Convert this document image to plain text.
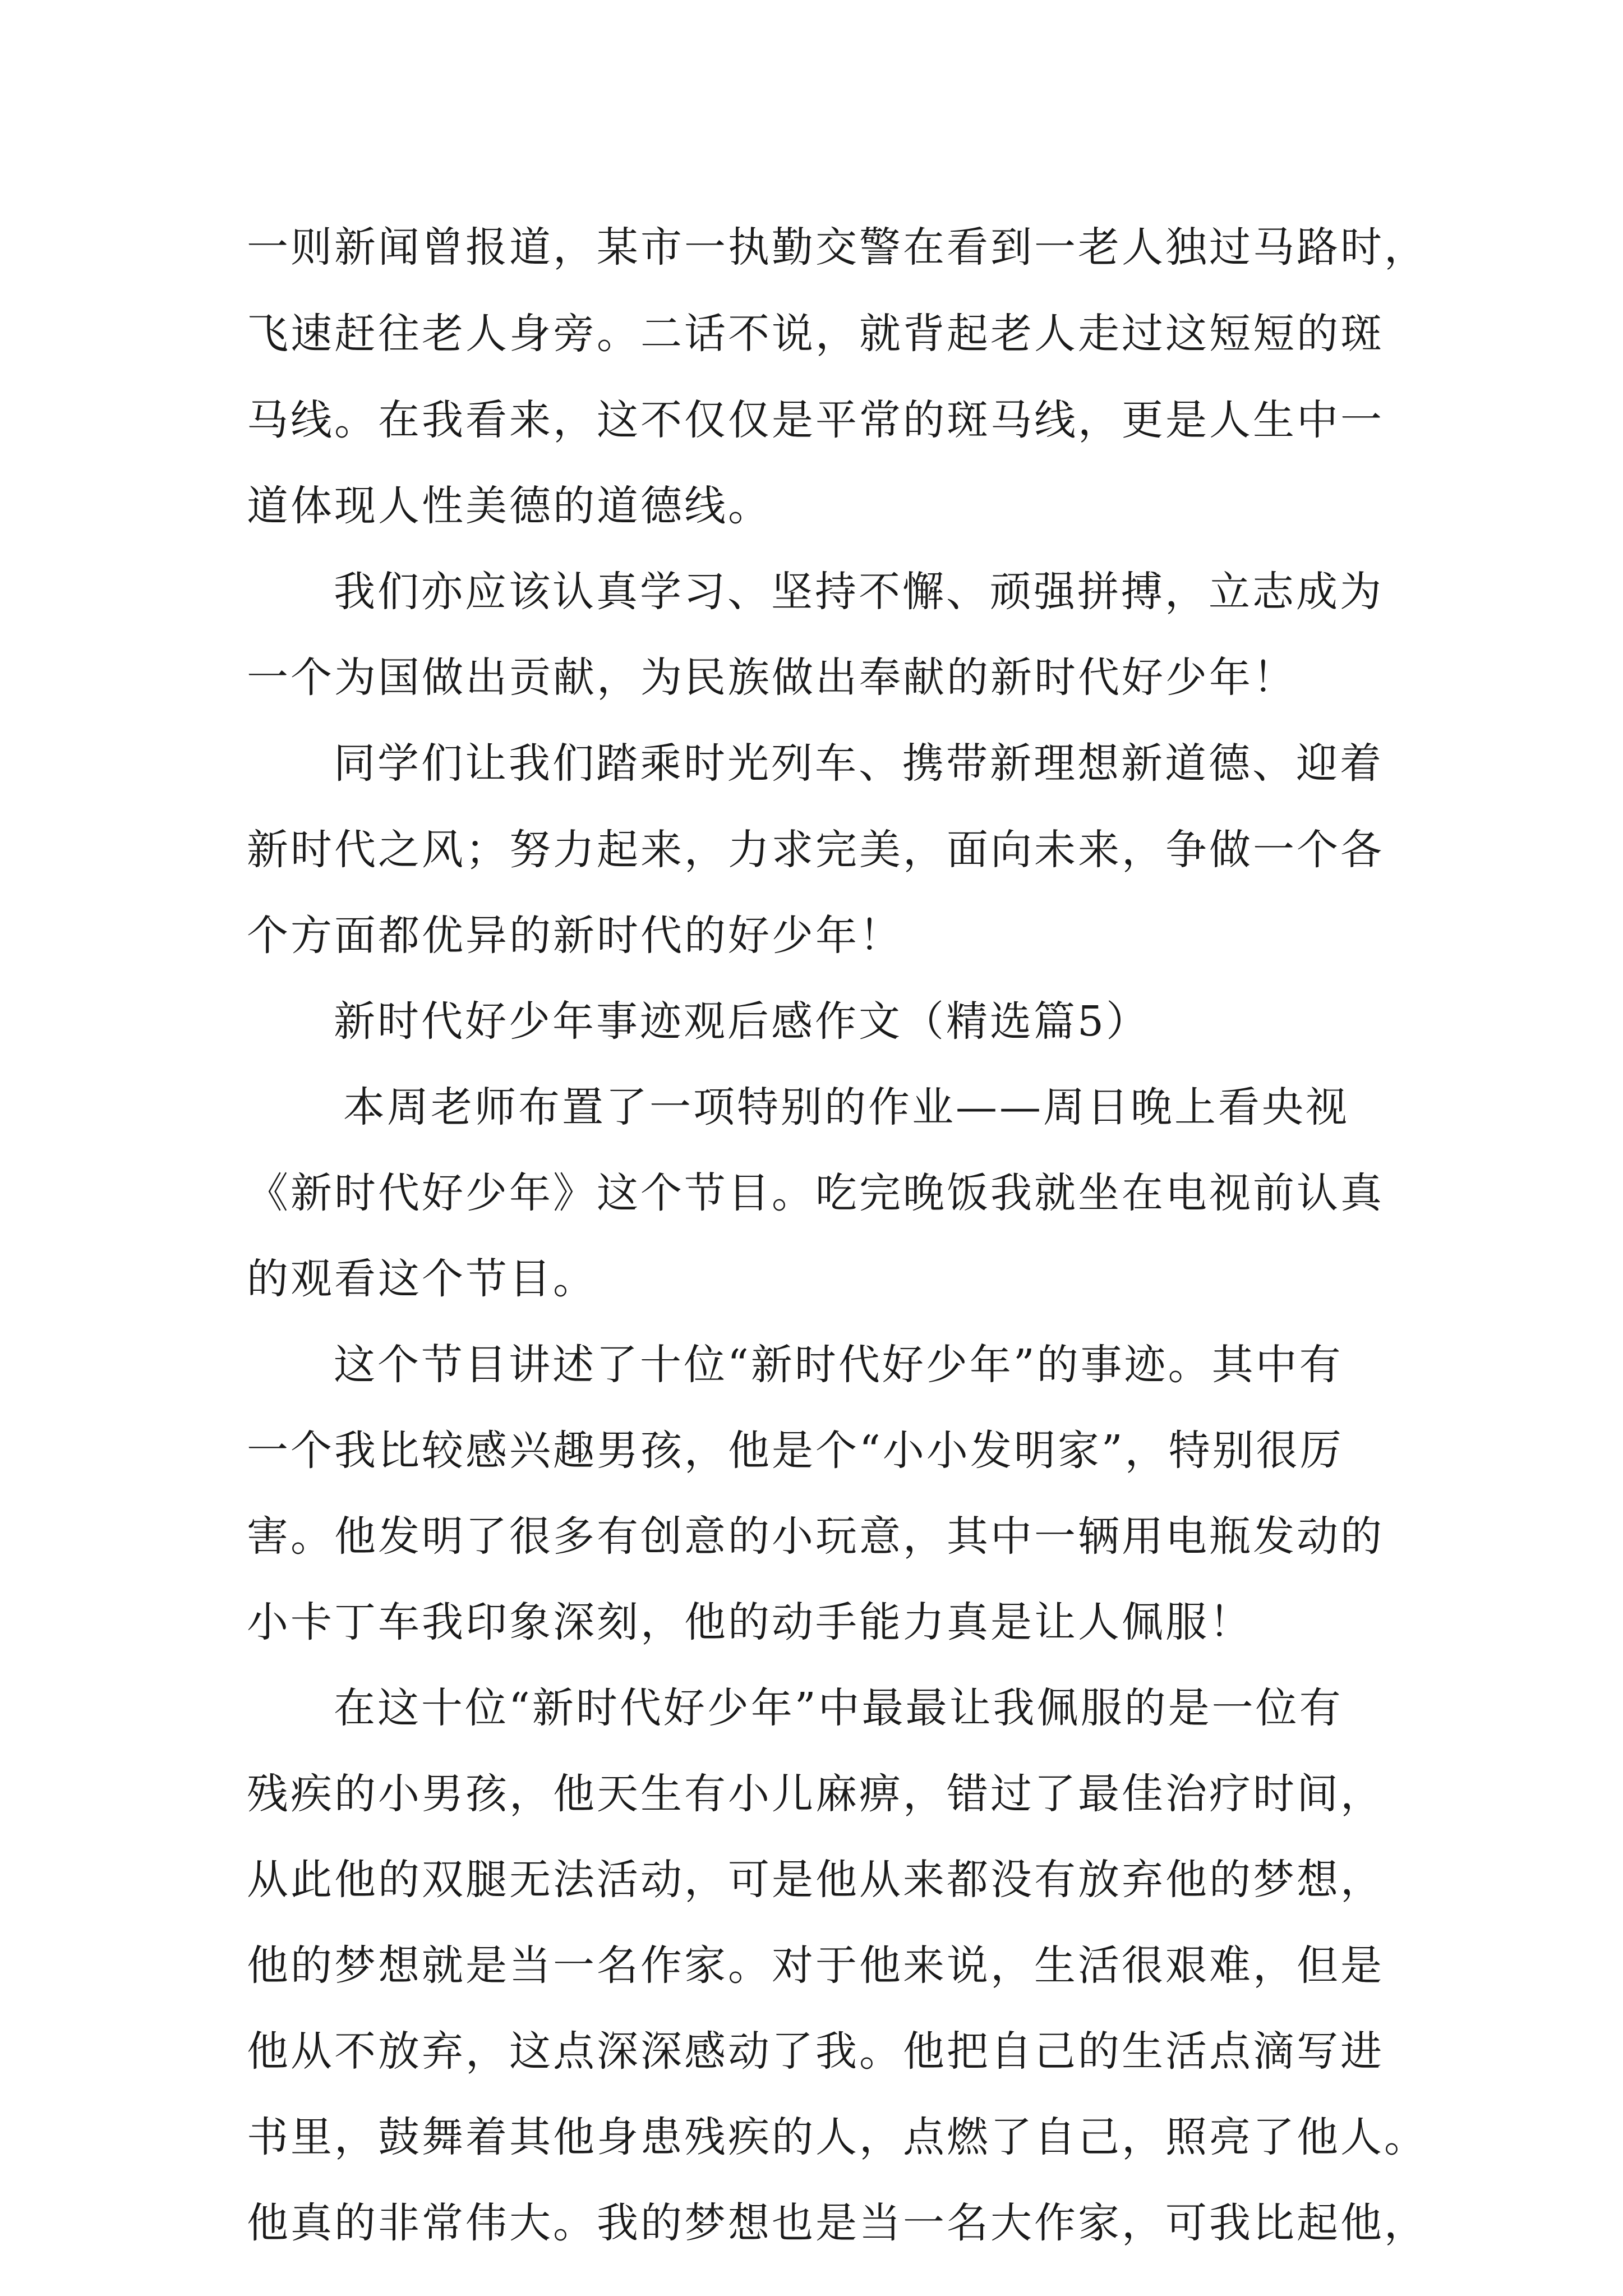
一则新闻曾报道，某市一执勤交警在看到一老人独过马路时，
飞速赶往老人身旁。二话不说，就背起老人走过这短短的斑
马线。在我看来，这不仅仅是平常的斑马线，更是人生中一
道体现人性美德的道德线。
我们亦应该认真学习、坚持不懈、顽强拼搏，立志成为
一个为国做出贡献，为民族做出奉献的新时代好少年！
同学们让我们踏乘时光列车、携带新理想新道德、迎着
新时代之风；努力起来，力求完美，面向未来，争做一个各
个方面都优异的新时代的好少年！
新时代好少年事迹观后感作文（精选篇5）
本周老师布置了一项特别的作业——周日晚上看央视
《新时代好少年》这个节目。吃完晚饭我就坐在电视前认真
的观看这个节目。
这个节目讲述了十位“新时代好少年”的事迹。其中有
一个我比较感兴趣男孩，他是个“小小发明家”，特别很厉
害。他发明了很多有创意的小玩意，其中一辆用电瓶发动的
小卡丁车我印象深刻，他的动手能力真是让人佩服！
在这十位“新时代好少年”中最最让我佩服的是一位有
残疾的小男孩，他天生有小儿麻痹，错过了最佳治疗时间，
从此他的双腿无法活动，可是他从来都没有放弃他的梦想，
他的梦想就是当一名作家。对于他来说，生活很艰难，但是
他从不放弃，这点深深感动了我。他把自己的生活点滴写进
书里，鼓舞着其他身患残疾的人，点燃了自己，照亮了他人。
他真的非常伟大。我的梦想也是当一名大作家，可我比起他，
